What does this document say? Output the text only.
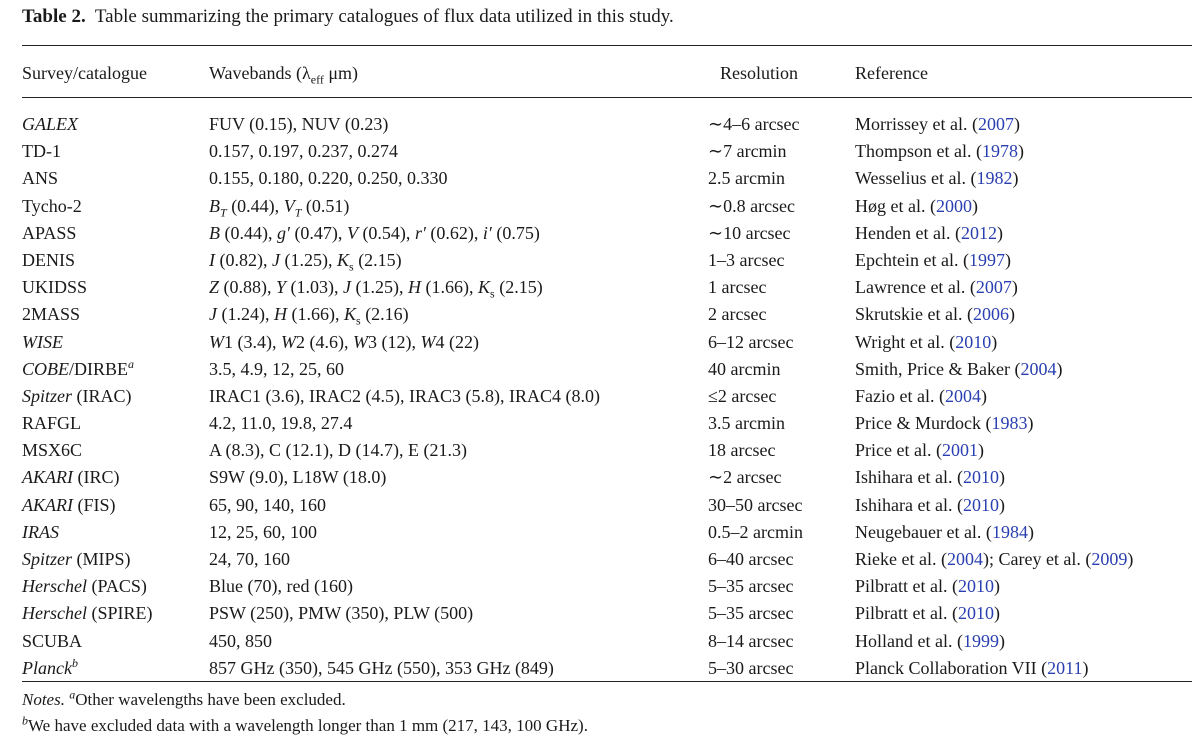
Table 2. Table summarizing the primary catalogues of flux data utilized in this study.
Survey/catalogue	Wavebands ($\lambda_{eff}$ μm)	Resolution	Reference
GALEX	FUV (0.15), NUV (0.23)	∼4–6 arcsec	Morrissey et al. (2007)
TD-1	0.157, 0.197, 0.237, 0.274	∼7 arcmin	Thompson et al. (1978)
ANS	0.155, 0.180, 0.220, 0.250, 0.330	2.5 arcmin	Wesselius et al. (1982)
Tycho-2	$B_T$ (0.44), $V_T$ (0.51)	∼0.8 arcsec	Høg et al. (2000)
APASS	B (0.44), g′ (0.47), V (0.54), r′ (0.62), i′ (0.75)	∼10 arcsec	Henden et al. (2012)
DENIS	I (0.82), J (1.25), $K_s$ (2.15)	1–3 arcsec	Epchtein et al. (1997)
UKIDSS	Z (0.88), Y (1.03), J (1.25), H (1.66), $K_s$ (2.15)	1 arcsec	Lawrence et al. (2007)
2MASS	J (1.24), H (1.66), $K_s$ (2.16)	2 arcsec	Skrutskie et al. (2006)
WISE	W1 (3.4), W2 (4.6), W3 (12), W4 (22)	6–12 arcsec	Wright et al. (2010)
COBE/DIRBE$^a$	3.5, 4.9, 12, 25, 60	40 arcmin	Smith, Price & Baker (2004)
Spitzer (IRAC)	IRAC1 (3.6), IRAC2 (4.5), IRAC3 (5.8), IRAC4 (8.0)	≤2 arcsec	Fazio et al. (2004)
RAFGL	4.2, 11.0, 19.8, 27.4	3.5 arcmin	Price & Murdock (1983)
MSX6C	A (8.3), C (12.1), D (14.7), E (21.3)	18 arcsec	Price et al. (2001)
AKARI (IRC)	S9W (9.0), L18W (18.0)	∼2 arcsec	Ishihara et al. (2010)
AKARI (FIS)	65, 90, 140, 160	30–50 arcsec	Ishihara et al. (2010)
IRAS	12, 25, 60, 100	0.5–2 arcmin	Neugebauer et al. (1984)
Spitzer (MIPS)	24, 70, 160	6–40 arcsec	Rieke et al. (2004); Carey et al. (2009)
Herschel (PACS)	Blue (70), red (160)	5–35 arcsec	Pilbratt et al. (2010)
Herschel (SPIRE)	PSW (250), PMW (350), PLW (500)	5–35 arcsec	Pilbratt et al. (2010)
SCUBA	450, 850	8–14 arcsec	Holland et al. (1999)
Planck$^b$	857 GHz (350), 545 GHz (550), 353 GHz (849)	5–30 arcsec	Planck Collaboration VII (2011)
Notes. $^a$Other wavelengths have been excluded.
$^b$We have excluded data with a wavelength longer than 1 mm (217, 143, 100 GHz).
